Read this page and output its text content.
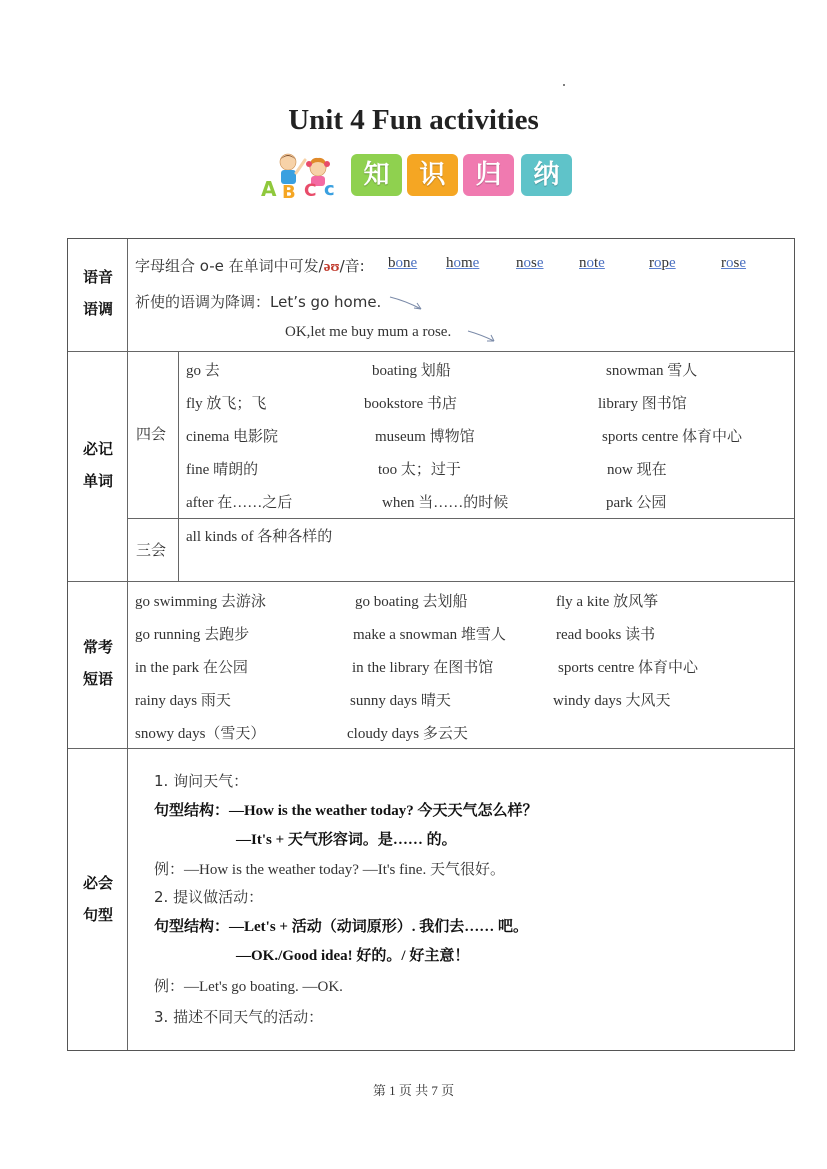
Unit 4 Fun activities
A B C c	知	识	归	纳
语音
语调
字母组合 o-e 在单词中可发/əʊ/音: bone home nose note	rope	rose
祈使的语调为降调：Let’s go home.
OK,let me buy mum a rose.
必记
单词
四会
三会
go 去	boating 划船	snowman 雪人
fly 放飞；飞	bookstore 书店	library 图书馆
cinema 电影院	museum 博物馆	sports centre 体育中心
fine 晴朗的	too 太；过于	now 现在
after 在……之后	when 当……的时候	park 公园
all kinds of 各种各样的
常考
短语
go swimming 去游泳	go boating 去划船	fly a kite 放风筝
go running 去跑步	make a snowman 堆雪人	read books 读书
in the park 在公园	in the library 在图书馆	sports centre 体育中心
rainy days 雨天	sunny days 晴天	windy days 大风天
snowy days（雪天）	cloudy days 多云天
必会
句型
1. 询问天气：
句型结构：—How is the weather today? 今天天气怎么样？
—It's + 天气形容词。是…… 的。
例：—How is the weather today? —It's fine. 天气很好。
2. 提议做活动：
句型结构：—Let's + 活动（动词原形）. 我们去…… 吧。
—OK./Good idea! 好的。/ 好主意！
例：—Let's go boating. —OK.
3. 描述不同天气的活动：
第 1 页 共 7 页
